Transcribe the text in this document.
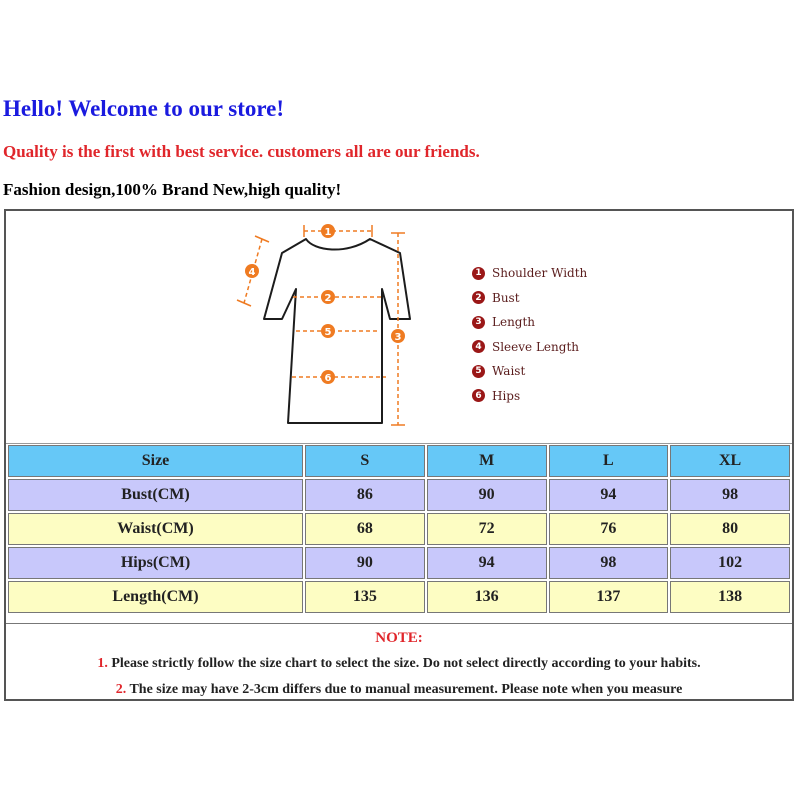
Hello! Welcome to our store!
Quality is the first with best service. customers all are our friends.
Fashion design,100% Brand New,high quality!
1
2
3
4
5
6
1 Shoulder Width
2 Bust
3 Length
4 Sleeve Length
5 Waist
6 Hips
Size	S	M	L	XL
Bust(CM)	86	90	94	98
Waist(CM)	68	72	76	80
Hips(CM)	90	94	98	102
Length(CM)	135	136	137	138
NOTE:
1. Please strictly follow the size chart to select the size. Do not select directly according to your habits.
2. The size may have 2-3cm differs due to manual measurement. Please note when you measure
